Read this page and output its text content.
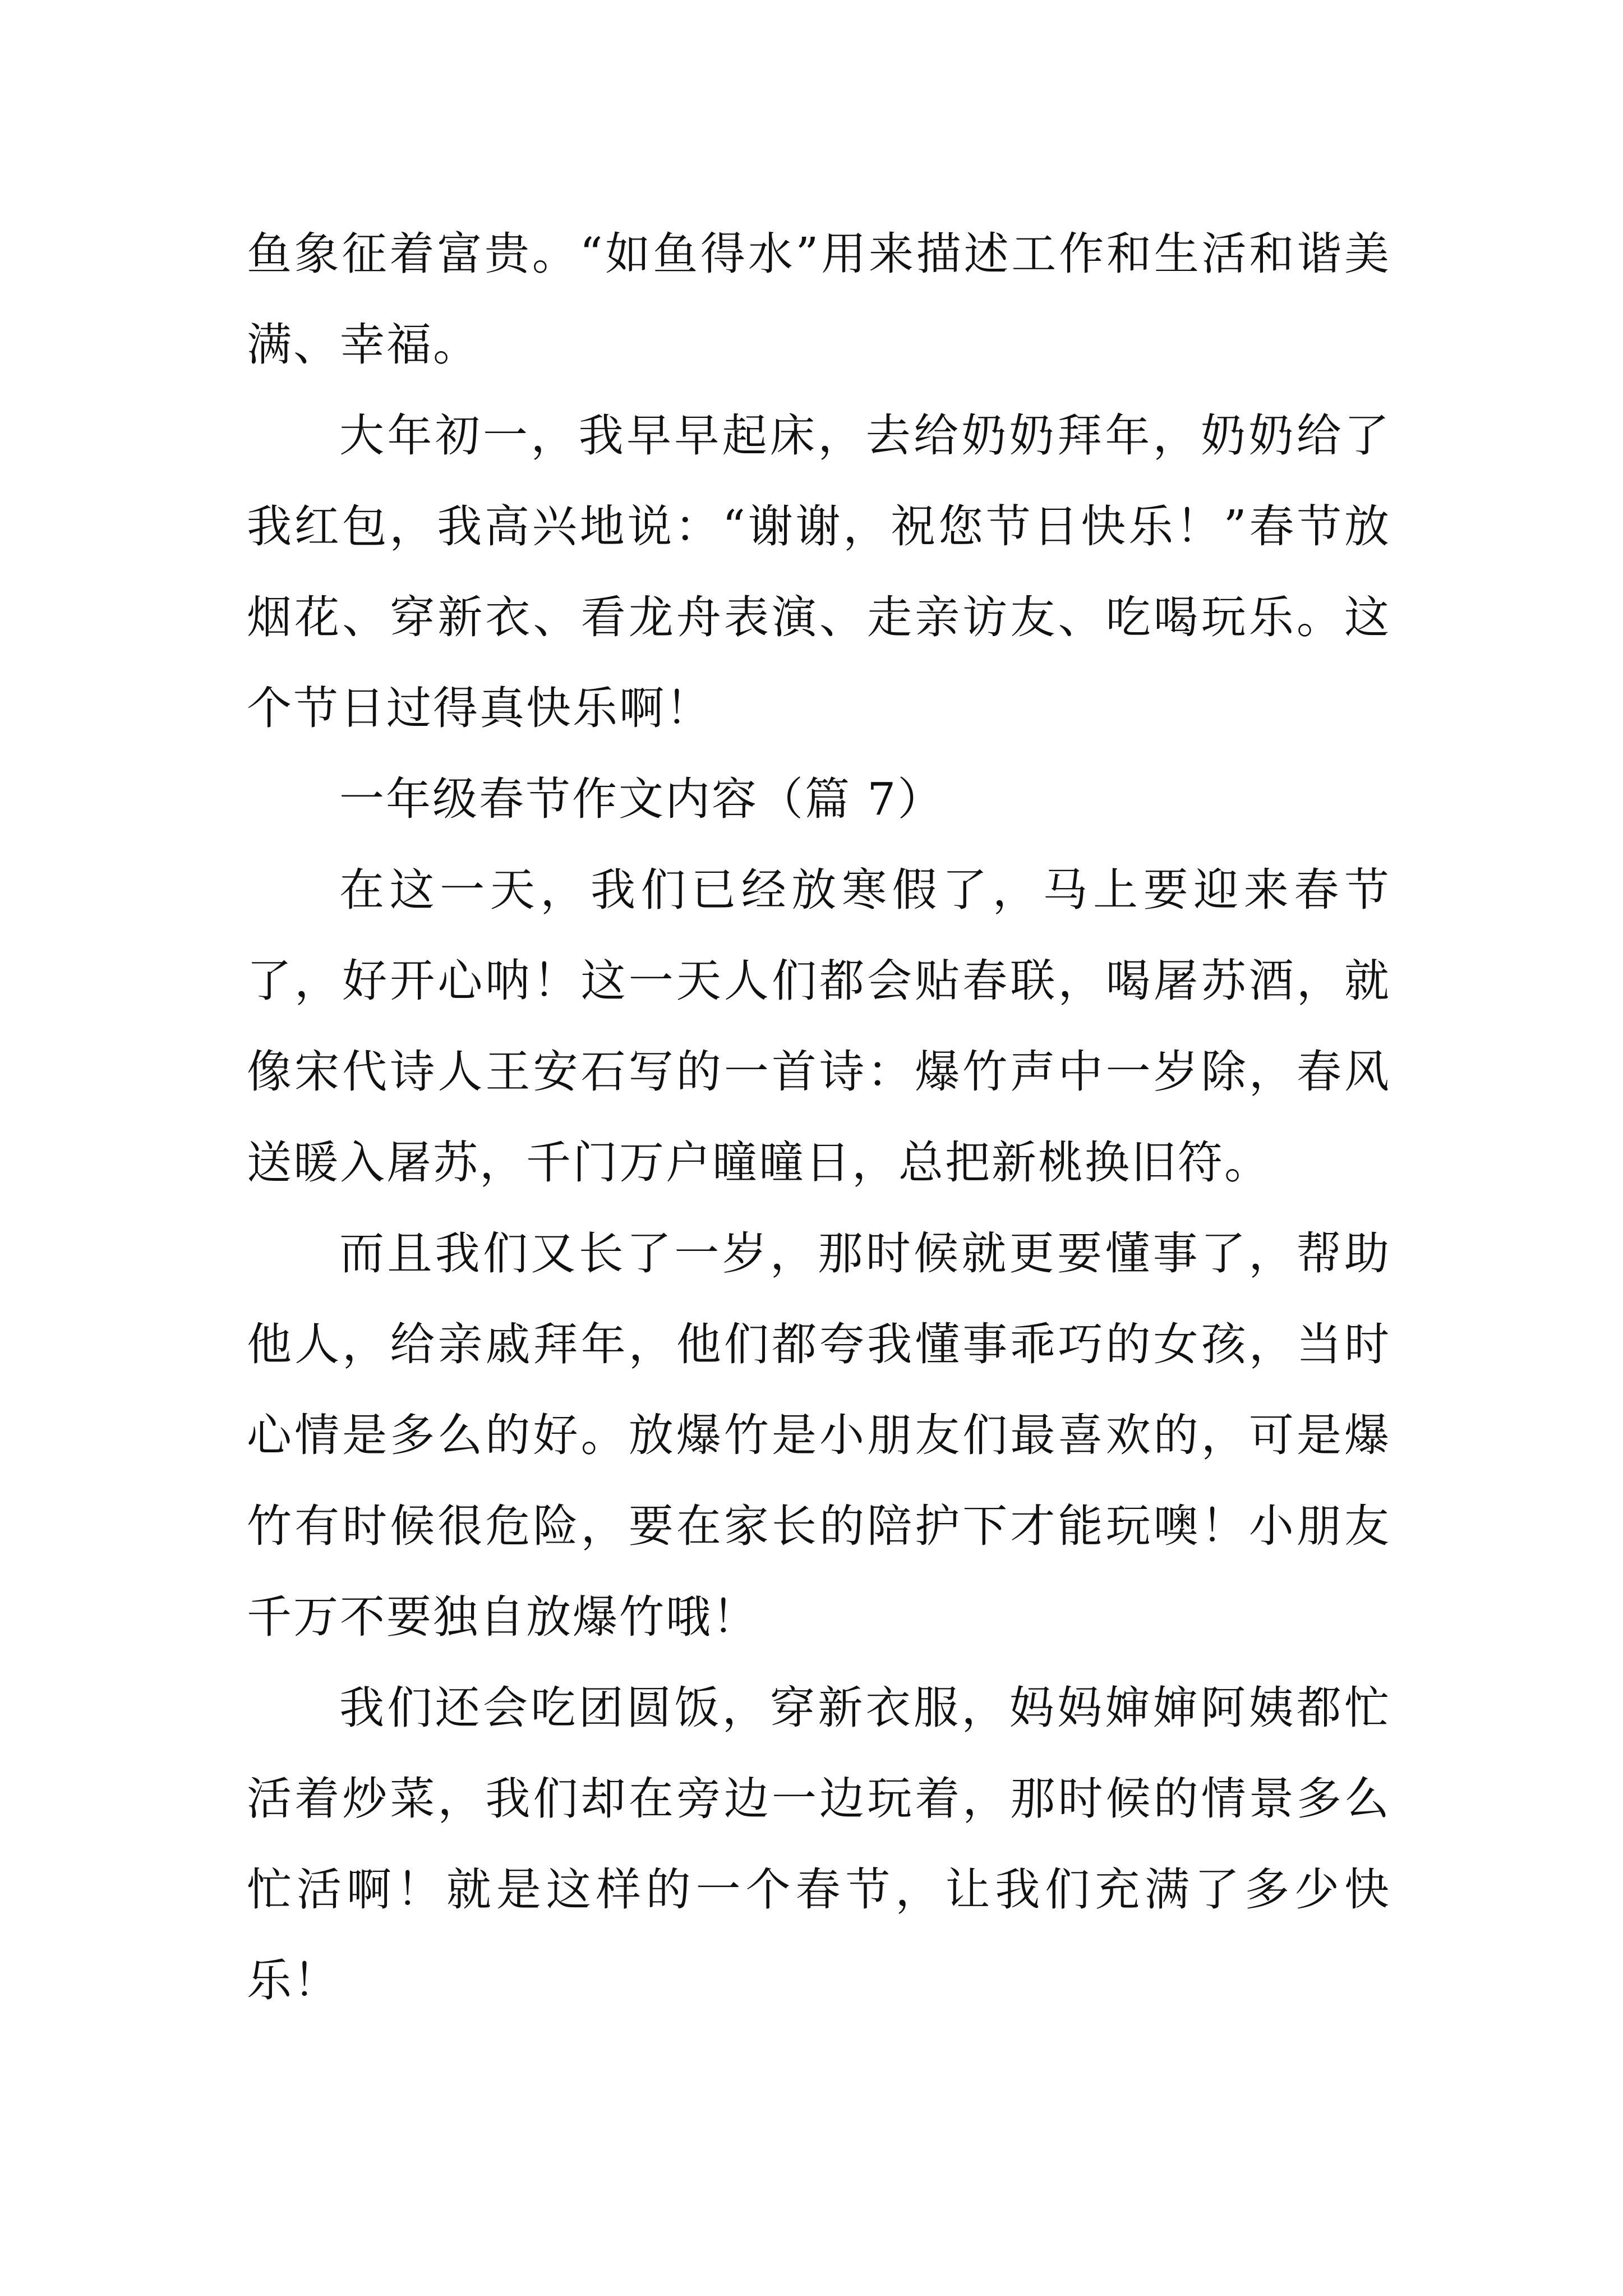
鱼象征着富贵。“如鱼得水”用来描述工作和生活和谐美满、幸福。

大年初一，我早早起床，去给奶奶拜年，奶奶给了我红包，我高兴地说：“谢谢，祝您节日快乐！”春节放烟花、穿新衣、看龙舟表演、走亲访友、吃喝玩乐。这个节日过得真快乐啊！

一年级春节作文内容（篇 7）

在这一天，我们已经放寒假了，马上要迎来春节了，好开心呐！这一天人们都会贴春联，喝屠苏酒，就像宋代诗人王安石写的一首诗：爆竹声中一岁除，春风送暖入屠苏，千门万户曈曈日，总把新桃换旧符。

而且我们又长了一岁，那时候就更要懂事了，帮助他人，给亲戚拜年，他们都夸我懂事乖巧的女孩，当时心情是多么的好。放爆竹是小朋友们最喜欢的，可是爆竹有时候很危险，要在家长的陪护下才能玩噢！小朋友千万不要独自放爆竹哦！

我们还会吃团圆饭，穿新衣服，妈妈婶婶阿姨都忙活着炒菜，我们却在旁边一边玩着，那时候的情景多么忙活啊！就是这样的一个春节，让我们充满了多少快乐！
